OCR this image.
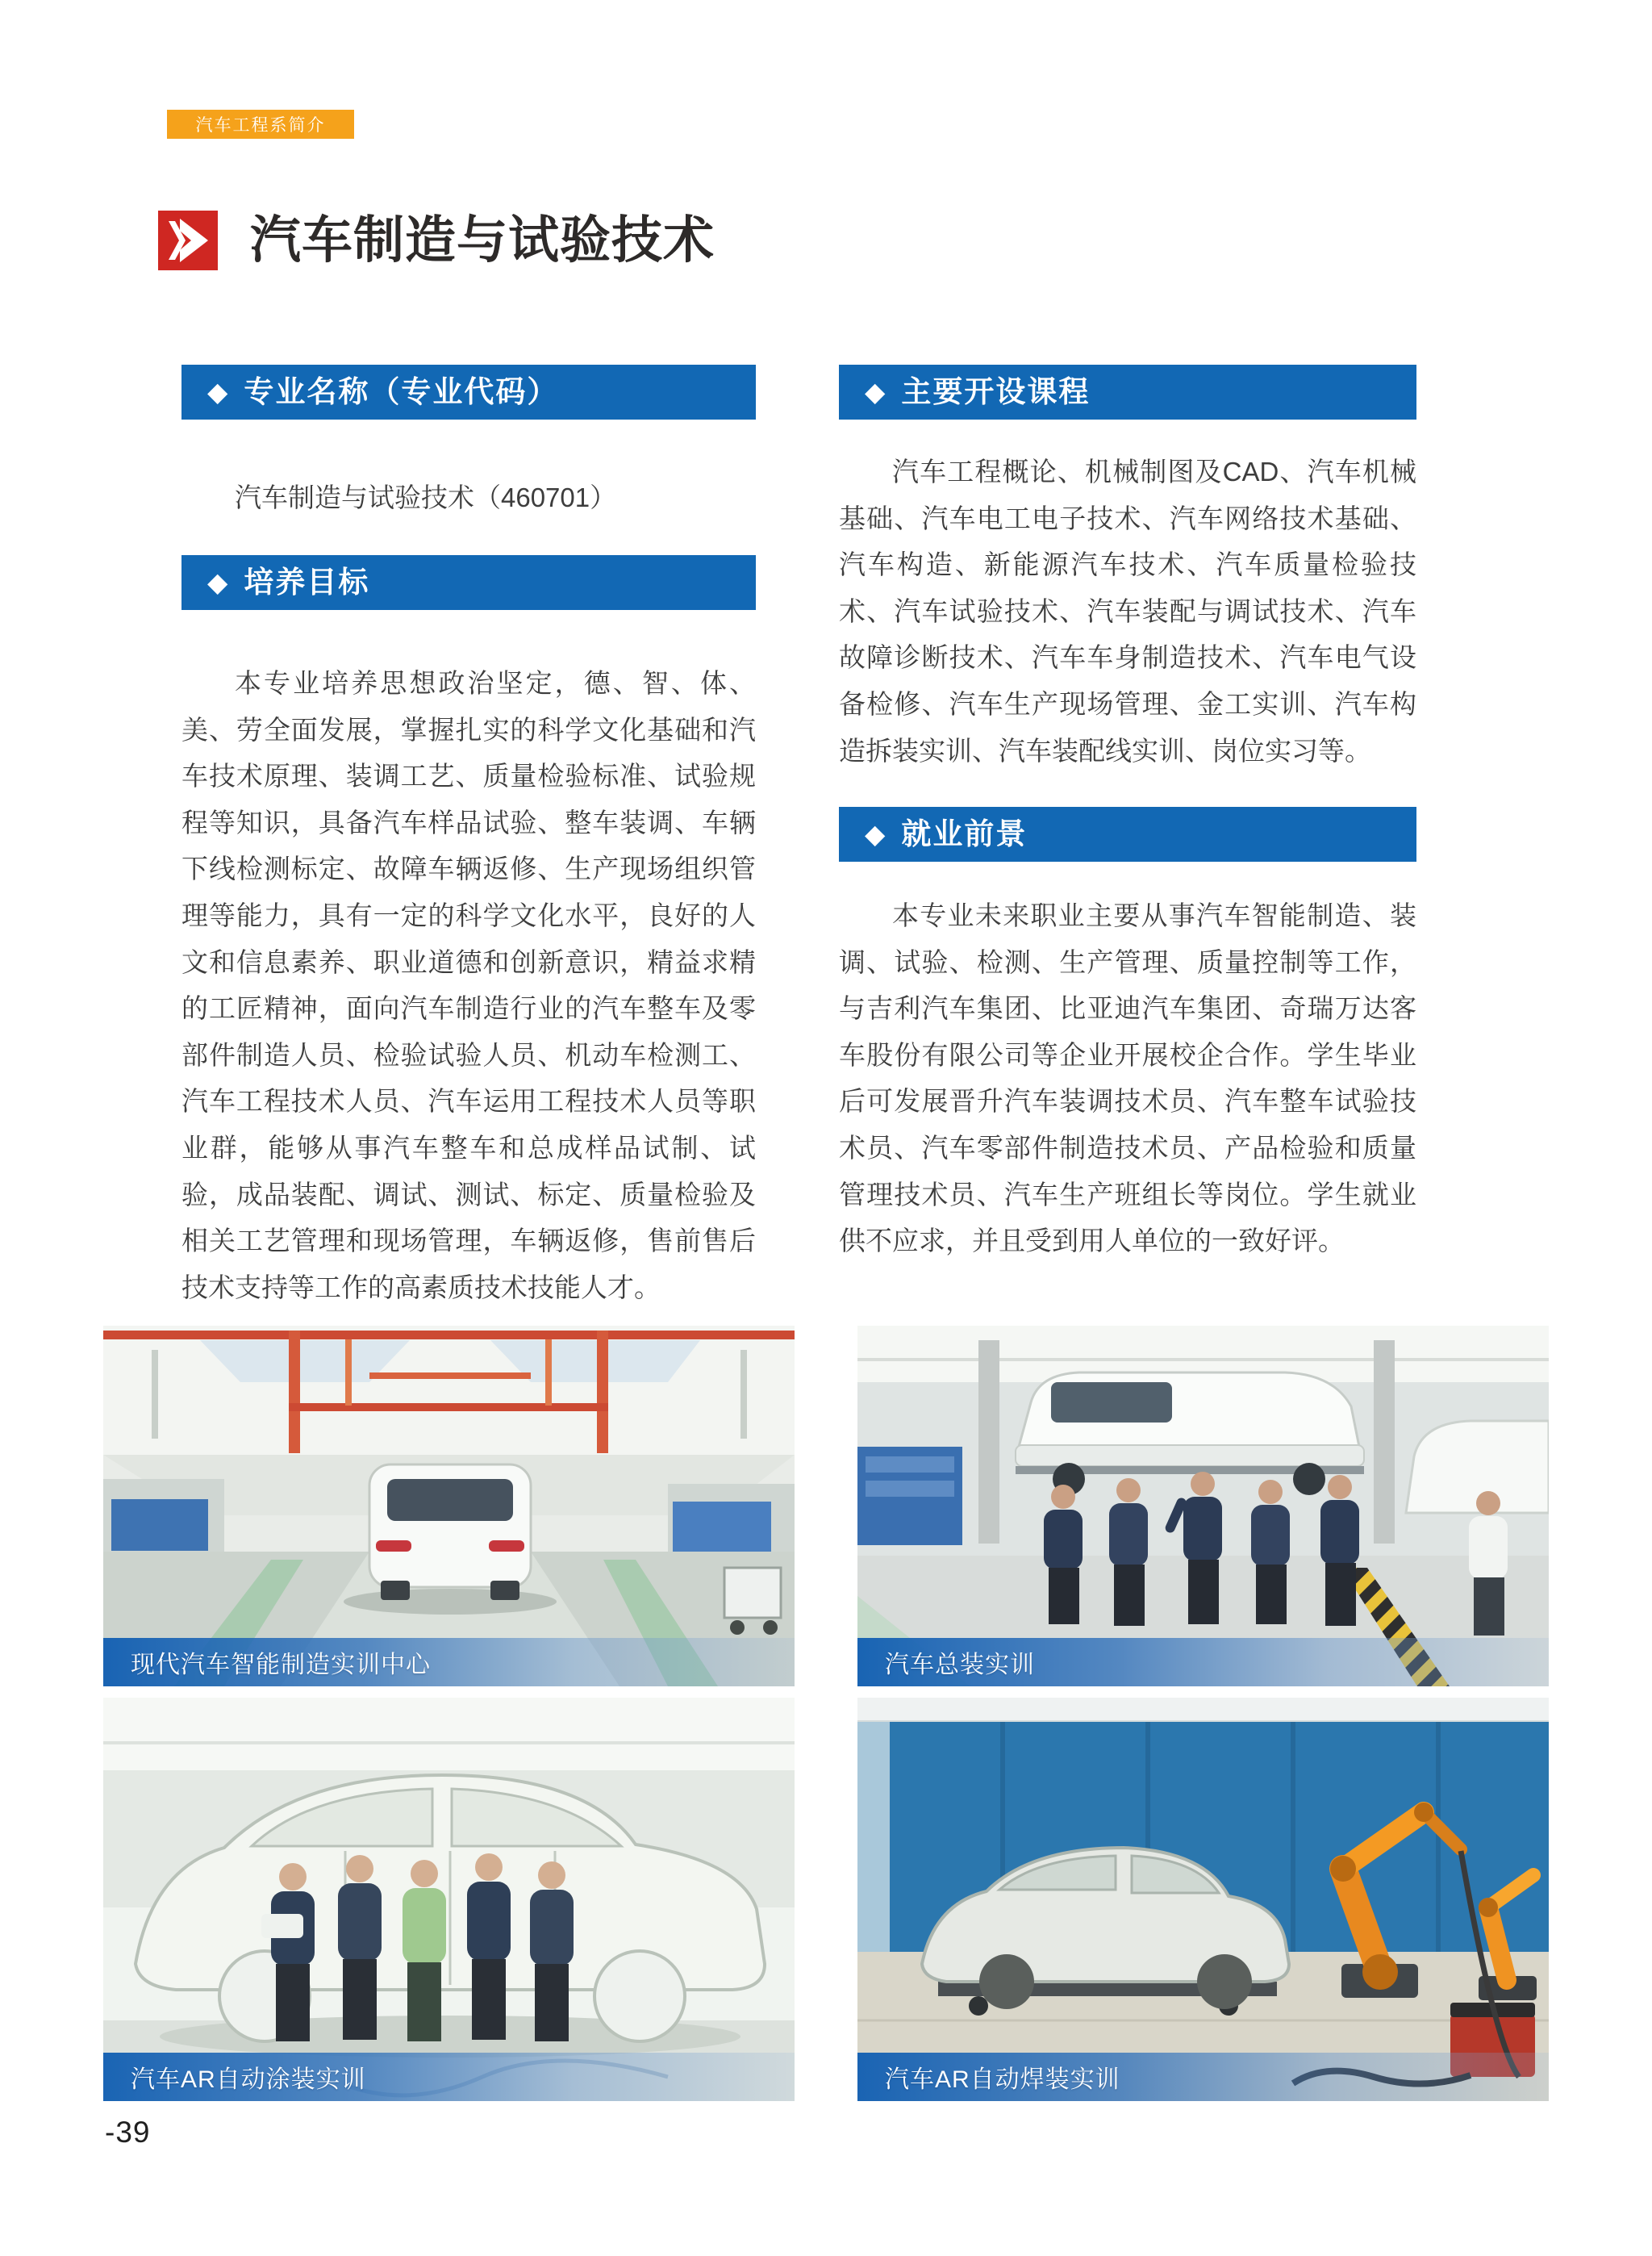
汽车工程系简介
汽车制造与试验技术
◆ 专业名称（专业代码）

汽车制造与试验技术（460701）

◆ 培养目标

本专业培养思想政治坚定，德、智、体、美、劳全面发展，掌握扎实的科学文化基础和汽车技术原理、装调工艺、质量检验标准、试验规程等知识，具备汽车样品试验、整车装调、车辆下线检测标定、故障车辆返修、生产现场组织管理等能力，具有一定的科学文化水平，良好的人文和信息素养、职业道德和创新意识，精益求精的工匠精神，面向汽车制造行业的汽车整车及零部件制造人员、检验试验人员、机动车检测工、汽车工程技术人员、汽车运用工程技术人员等职业群，能够从事汽车整车和总成样品试制、试验，成品装配、调试、测试、标定、质量检验及相关工艺管理和现场管理，车辆返修，售前售后技术支持等工作的高素质技术技能人才。

◆ 主要开设课程

汽车工程概论、机械制图及CAD、汽车机械基础、汽车电工电子技术、汽车网络技术基础、汽车构造、新能源汽车技术、汽车质量检验技术、汽车试验技术、汽车装配与调试技术、汽车故障诊断技术、汽车车身制造技术、汽车电气设备检修、汽车生产现场管理、金工实训、汽车构造拆装实训、汽车装配线实训、岗位实习等。

◆ 就业前景

本专业未来职业主要从事汽车智能制造、装调、试验、检测、生产管理、质量控制等工作，与吉利汽车集团、比亚迪汽车集团、奇瑞万达客车股份有限公司等企业开展校企合作。学生毕业后可发展晋升汽车装调技术员、汽车整车试验技术员、汽车零部件制造技术员、产品检验和质量管理技术员、汽车生产班组长等岗位。学生就业供不应求，并且受到用人单位的一致好评。

现代汽车智能制造实训中心	汽车总装实训
汽车AR自动涂装实训	汽车AR自动焊装实训
-39
